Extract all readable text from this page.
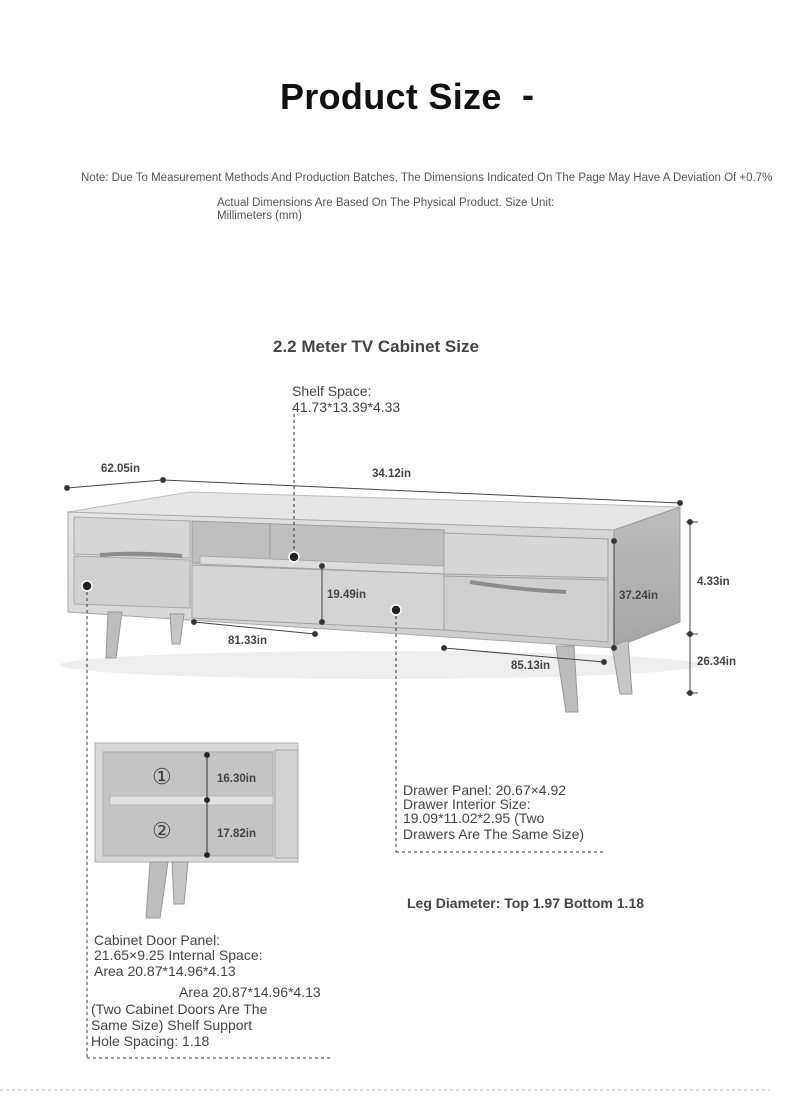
Product Size -
Note: Due To Measurement Methods And Production Batches, The Dimensions Indicated On The Page May Have A Deviation Of +0.7%
Actual Dimensions Are Based On The Physical Product. Size Unit:
Millimeters (mm)
2.2 Meter TV Cabinet Size
62.05in	34.12in
4.33in
37.24in
26.34in
19.49in
81.33in
85.13in
16.30in
17.82in
①
②
Shelf Space:
41.73*13.39*4.33
Drawer Panel: 20.67×4.92
Drawer Interior Size:
19.09*11.02*2.95 (Two
Drawers Are The Same Size)
Leg Diameter: Top 1.97 Bottom 1.18
Cabinet Door Panel:
21.65×9.25 Internal Space:
Area 20.87*14.96*4.13
Area 20.87*14.96*4.13
(Two Cabinet Doors Are The
Same Size) Shelf Support
Hole Spacing: 1.18
